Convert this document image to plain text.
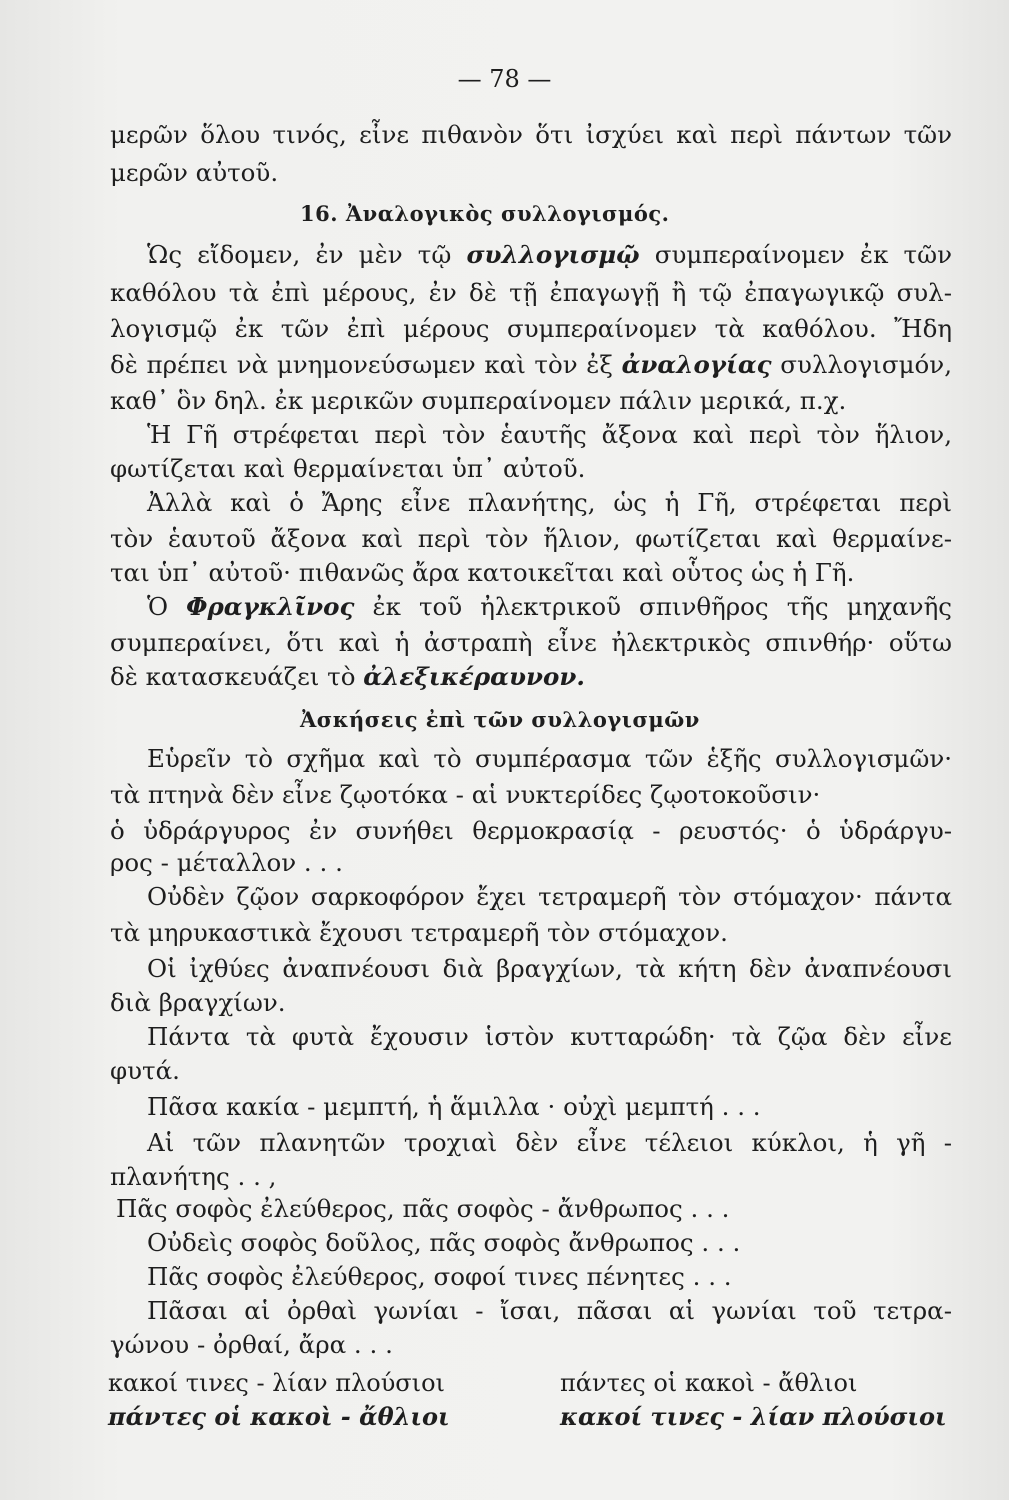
— 78 —
μερῶν ὅλου τινός, εἶνε πιθανὸν ὅτι ἰσχύει καὶ περὶ πάντων τῶν
μερῶν αὐτοῦ.
16. Ἀναλογικὸς συλλογισμός.
Ὡς εἴδομεν, ἐν μὲν τῷ συλλογισμῷ συμπεραίνομεν ἐκ τῶν
καθόλου τὰ ἐπὶ μέρους, ἐν δὲ τῇ ἐπαγωγῇ ἢ τῷ ἐπαγωγικῷ συλ-
λογισμῷ ἐκ τῶν ἐπὶ μέρους συμπεραίνομεν τὰ καθόλου. Ἤδη
δὲ πρέπει νὰ μνημονεύσωμεν καὶ τὸν ἐξ ἀναλογίας συλλογισμόν,
καθ᾽ ὃν δηλ. ἐκ μερικῶν συμπεραίνομεν πάλιν μερικά, π.χ.
Ἡ Γῆ στρέφεται περὶ τὸν ἑαυτῆς ἄξονα καὶ περὶ τὸν ἥλιον,
φωτίζεται καὶ θερμαίνεται ὑπ᾽ αὐτοῦ.
Ἀλλὰ καὶ ὁ Ἄρης εἶνε πλανήτης, ὡς ἡ Γῆ, στρέφεται περὶ
τὸν ἑαυτοῦ ἄξονα καὶ περὶ τὸν ἥλιον, φωτίζεται καὶ θερμαίνε-
ται ὑπ᾽ αὐτοῦ· πιθανῶς ἄρα κατοικεῖται καὶ οὗτος ὡς ἡ Γῆ.
Ὁ Φραγκλῖνος ἐκ τοῦ ἠλεκτρικοῦ σπινθῆρος τῆς μηχανῆς
συμπεραίνει, ὅτι καὶ ἡ ἀστραπὴ εἶνε ἠλεκτρικὸς σπινθήρ· οὕτω
δὲ κατασκευάζει τὸ ἀλεξικέραυνον.
Ἀσκήσεις ἐπὶ τῶν συλλογισμῶν
Εὑρεῖν τὸ σχῆμα καὶ τὸ συμπέρασμα τῶν ἑξῆς συλλογισμῶν·
τὰ πτηνὰ δὲν εἶνε ζῳοτόκα - αἱ νυκτερίδες ζῳοτοκοῦσιν·
ὁ ὑδράργυρος ἐν συνήθει θερμοκρασίᾳ - ρευστός· ὁ ὑδράργυ-
ρος - μέταλλον . . .
Οὐδὲν ζῷον σαρκοφόρον ἔχει τετραμερῆ τὸν στόμαχον· πάντα
τὰ μηρυκαστικὰ ἔχουσι τετραμερῆ τὸν στόμαχον.
Οἱ ἰχθύες ἀναπνέουσι διὰ βραγχίων, τὰ κήτη δὲν ἀναπνέουσι
διὰ βραγχίων.
Πάντα τὰ φυτὰ ἔχουσιν ἱστὸν κυτταρώδη· τὰ ζῷα δὲν εἶνε
φυτά.
Πᾶσα κακία - μεμπτή, ἡ ἅμιλλα · οὐχὶ μεμπτή . . .
Αἱ τῶν πλανητῶν τροχιαὶ δὲν εἶνε τέλειοι κύκλοι, ἡ γῆ -
πλανήτης . . ,
Πᾶς σοφὸς ἐλεύθερος, πᾶς σοφὸς - ἄνθρωπος . . .
Οὐδεὶς σοφὸς δοῦλος, πᾶς σοφὸς ἄνθρωπος . . .
Πᾶς σοφὸς ἐλεύθερος, σοφοί τινες πένητες . . .
Πᾶσαι αἱ ὀρθαὶ γωνίαι - ἴσαι, πᾶσαι αἱ γωνίαι τοῦ τετρα-
γώνου - ὀρθαί, ἄρα . . .
κακοί τινες - λίαν πλούσιοι	πάντες οἱ κακοὶ - ἄθλιοι
πάντες οἱ κακοὶ - ἄθλιοι	κακοί τινες - λίαν πλούσιοι
